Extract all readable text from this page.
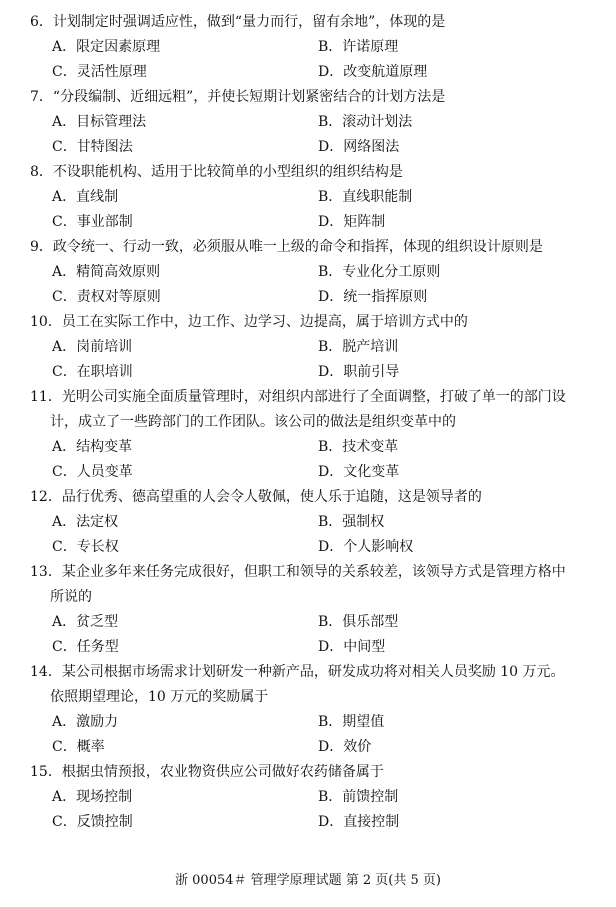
6．计划制定时强调适应性，做到“量力而行，留有余地”，体现的是
A．限定因素原理	B．许诺原理
C．灵活性原理	D．改变航道原理
7．“分段编制、近细远粗”，并使长短期计划紧密结合的计划方法是
A．目标管理法	B．滚动计划法
C．甘特图法	D．网络图法
8．不设职能机构、适用于比较简单的小型组织的组织结构是
A．直线制	B．直线职能制
C．事业部制	D．矩阵制
9．政令统一、行动一致，必须服从唯一上级的命令和指挥，体现的组织设计原则是
A．精简高效原则	B．专业化分工原则
C．责权对等原则	D．统一指挥原则
10．员工在实际工作中，边工作、边学习、边提高，属于培训方式中的
A．岗前培训	B．脱产培训
C．在职培训	D．职前引导
11．光明公司实施全面质量管理时，对组织内部进行了全面调整，打破了单一的部门设
计，成立了一些跨部门的工作团队。该公司的做法是组织变革中的
A．结构变革	B．技术变革
C．人员变革	D．文化变革
12．品行优秀、德高望重的人会令人敬佩，使人乐于追随，这是领导者的
A．法定权	B．强制权
C．专长权	D．个人影响权
13．某企业多年来任务完成很好，但职工和领导的关系较差，该领导方式是管理方格中
所说的
A．贫乏型	B．俱乐部型
C．任务型	D．中间型
14．某公司根据市场需求计划研发一种新产品，研发成功将对相关人员奖励 10 万元。
依照期望理论，10 万元的奖励属于
A．激励力	B．期望值
C．概率	D．效价
15．根据虫情预报，农业物资供应公司做好农药储备属于
A．现场控制	B．前馈控制
C．反馈控制	D．直接控制
浙 00054＃ 管理学原理试题 第 2 页(共 5 页)
